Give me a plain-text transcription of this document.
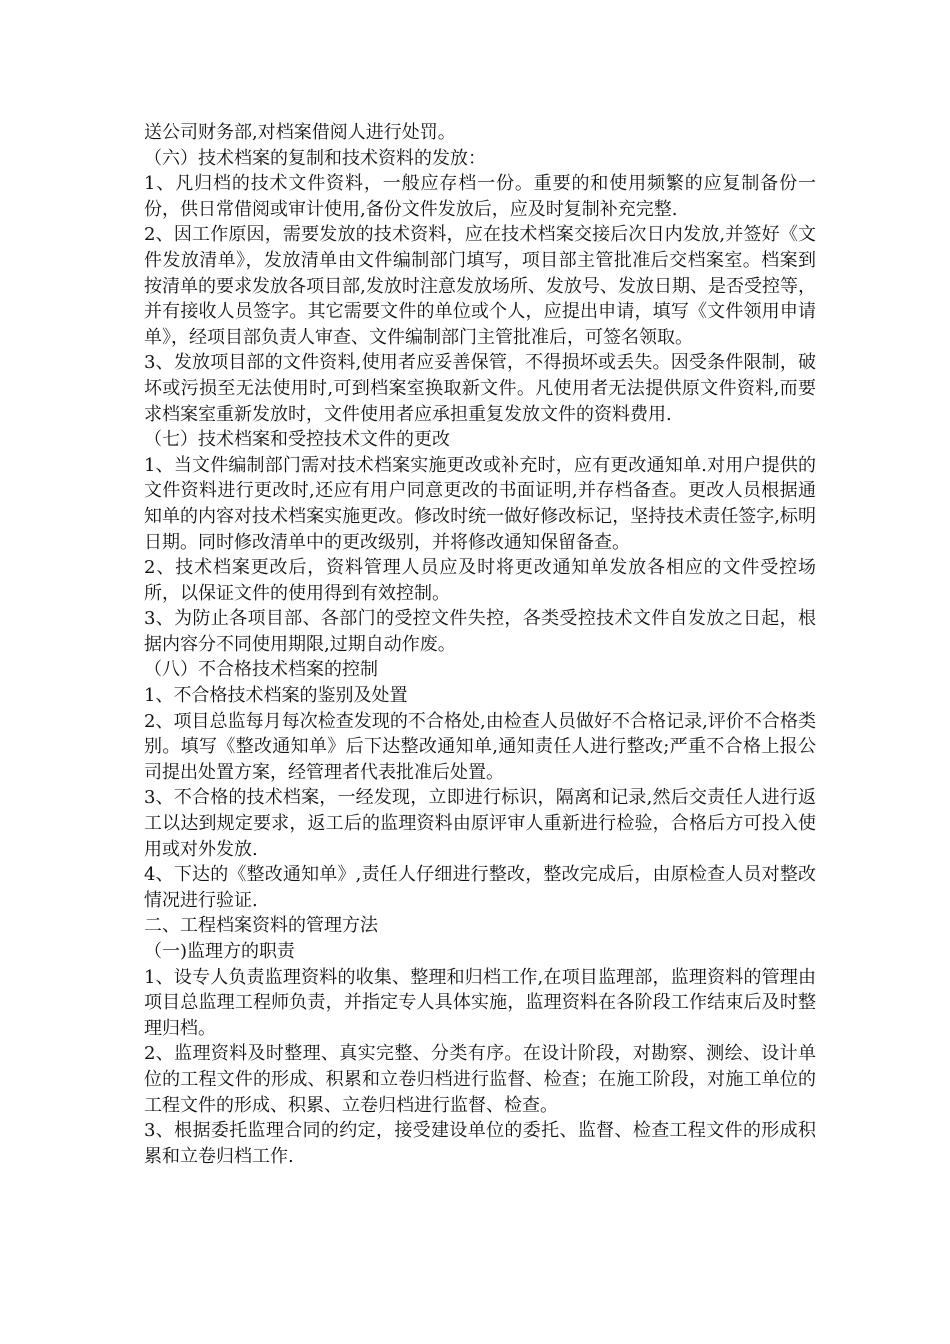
送公司财务部,对档案借阅人进行处罚。

（六）技术档案的复制和技术资料的发放：

1、凡归档的技术文件资料，一般应存档一份。重要的和使用频繁的应复制备份一份，供日常借阅或审计使用,备份文件发放后，应及时复制补充完整.

2、因工作原因，需要发放的技术资料，应在技术档案交接后次日内发放,并签好《文件发放清单》，发放清单由文件编制部门填写，项目部主管批准后交档案室。档案到按清单的要求发放各项目部,发放时注意发放场所、发放号、发放日期、是否受控等，并有接收人员签字。其它需要文件的单位或个人，应提出申请，填写《文件领用申请单》，经项目部负责人审查、文件编制部门主管批准后，可签名领取。

3、发放项目部的文件资料,使用者应妥善保管，不得损坏或丢失。因受条件限制，破坏或污损至无法使用时,可到档案室换取新文件。凡使用者无法提供原文件资料,而要求档案室重新发放时，文件使用者应承担重复发放文件的资料费用.

（七）技术档案和受控技术文件的更改

1、当文件编制部门需对技术档案实施更改或补充时，应有更改通知单.对用户提供的文件资料进行更改时,还应有用户同意更改的书面证明,并存档备查。更改人员根据通知单的内容对技术档案实施更改。修改时统一做好修改标记，坚持技术责任签字,标明日期。同时修改清单中的更改级别，并将修改通知保留备查。

2、技术档案更改后，资料管理人员应及时将更改通知单发放各相应的文件受控场所，以保证文件的使用得到有效控制。

3、为防止各项目部、各部门的受控文件失控，各类受控技术文件自发放之日起，根据内容分不同使用期限,过期自动作废。

（八）不合格技术档案的控制

1、不合格技术档案的鉴别及处置

2、项目总监每月每次检查发现的不合格处,由检查人员做好不合格记录,评价不合格类别。填写《整改通知单》后下达整改通知单,通知责任人进行整改;严重不合格上报公司提出处置方案，经管理者代表批准后处置。

3、不合格的技术档案，一经发现，立即进行标识，隔离和记录,然后交责任人进行返工以达到规定要求，返工后的监理资料由原评审人重新进行检验，合格后方可投入使用或对外发放.

4、下达的《整改通知单》,责任人仔细进行整改，整改完成后，由原检查人员对整改情况进行验证.

二、工程档案资料的管理方法

（一)监理方的职责

1、设专人负责监理资料的收集、整理和归档工作,在项目监理部，监理资料的管理由项目总监理工程师负责，并指定专人具体实施，监理资料在各阶段工作结束后及时整理归档。

2、监理资料及时整理、真实完整、分类有序。在设计阶段，对勘察、测绘、设计单位的工程文件的形成、积累和立卷归档进行监督、检查；在施工阶段，对施工单位的工程文件的形成、积累、立卷归档进行监督、检查。

3、根据委托监理合同的约定，接受建设单位的委托、监督、检查工程文件的形成积累和立卷归档工作.
